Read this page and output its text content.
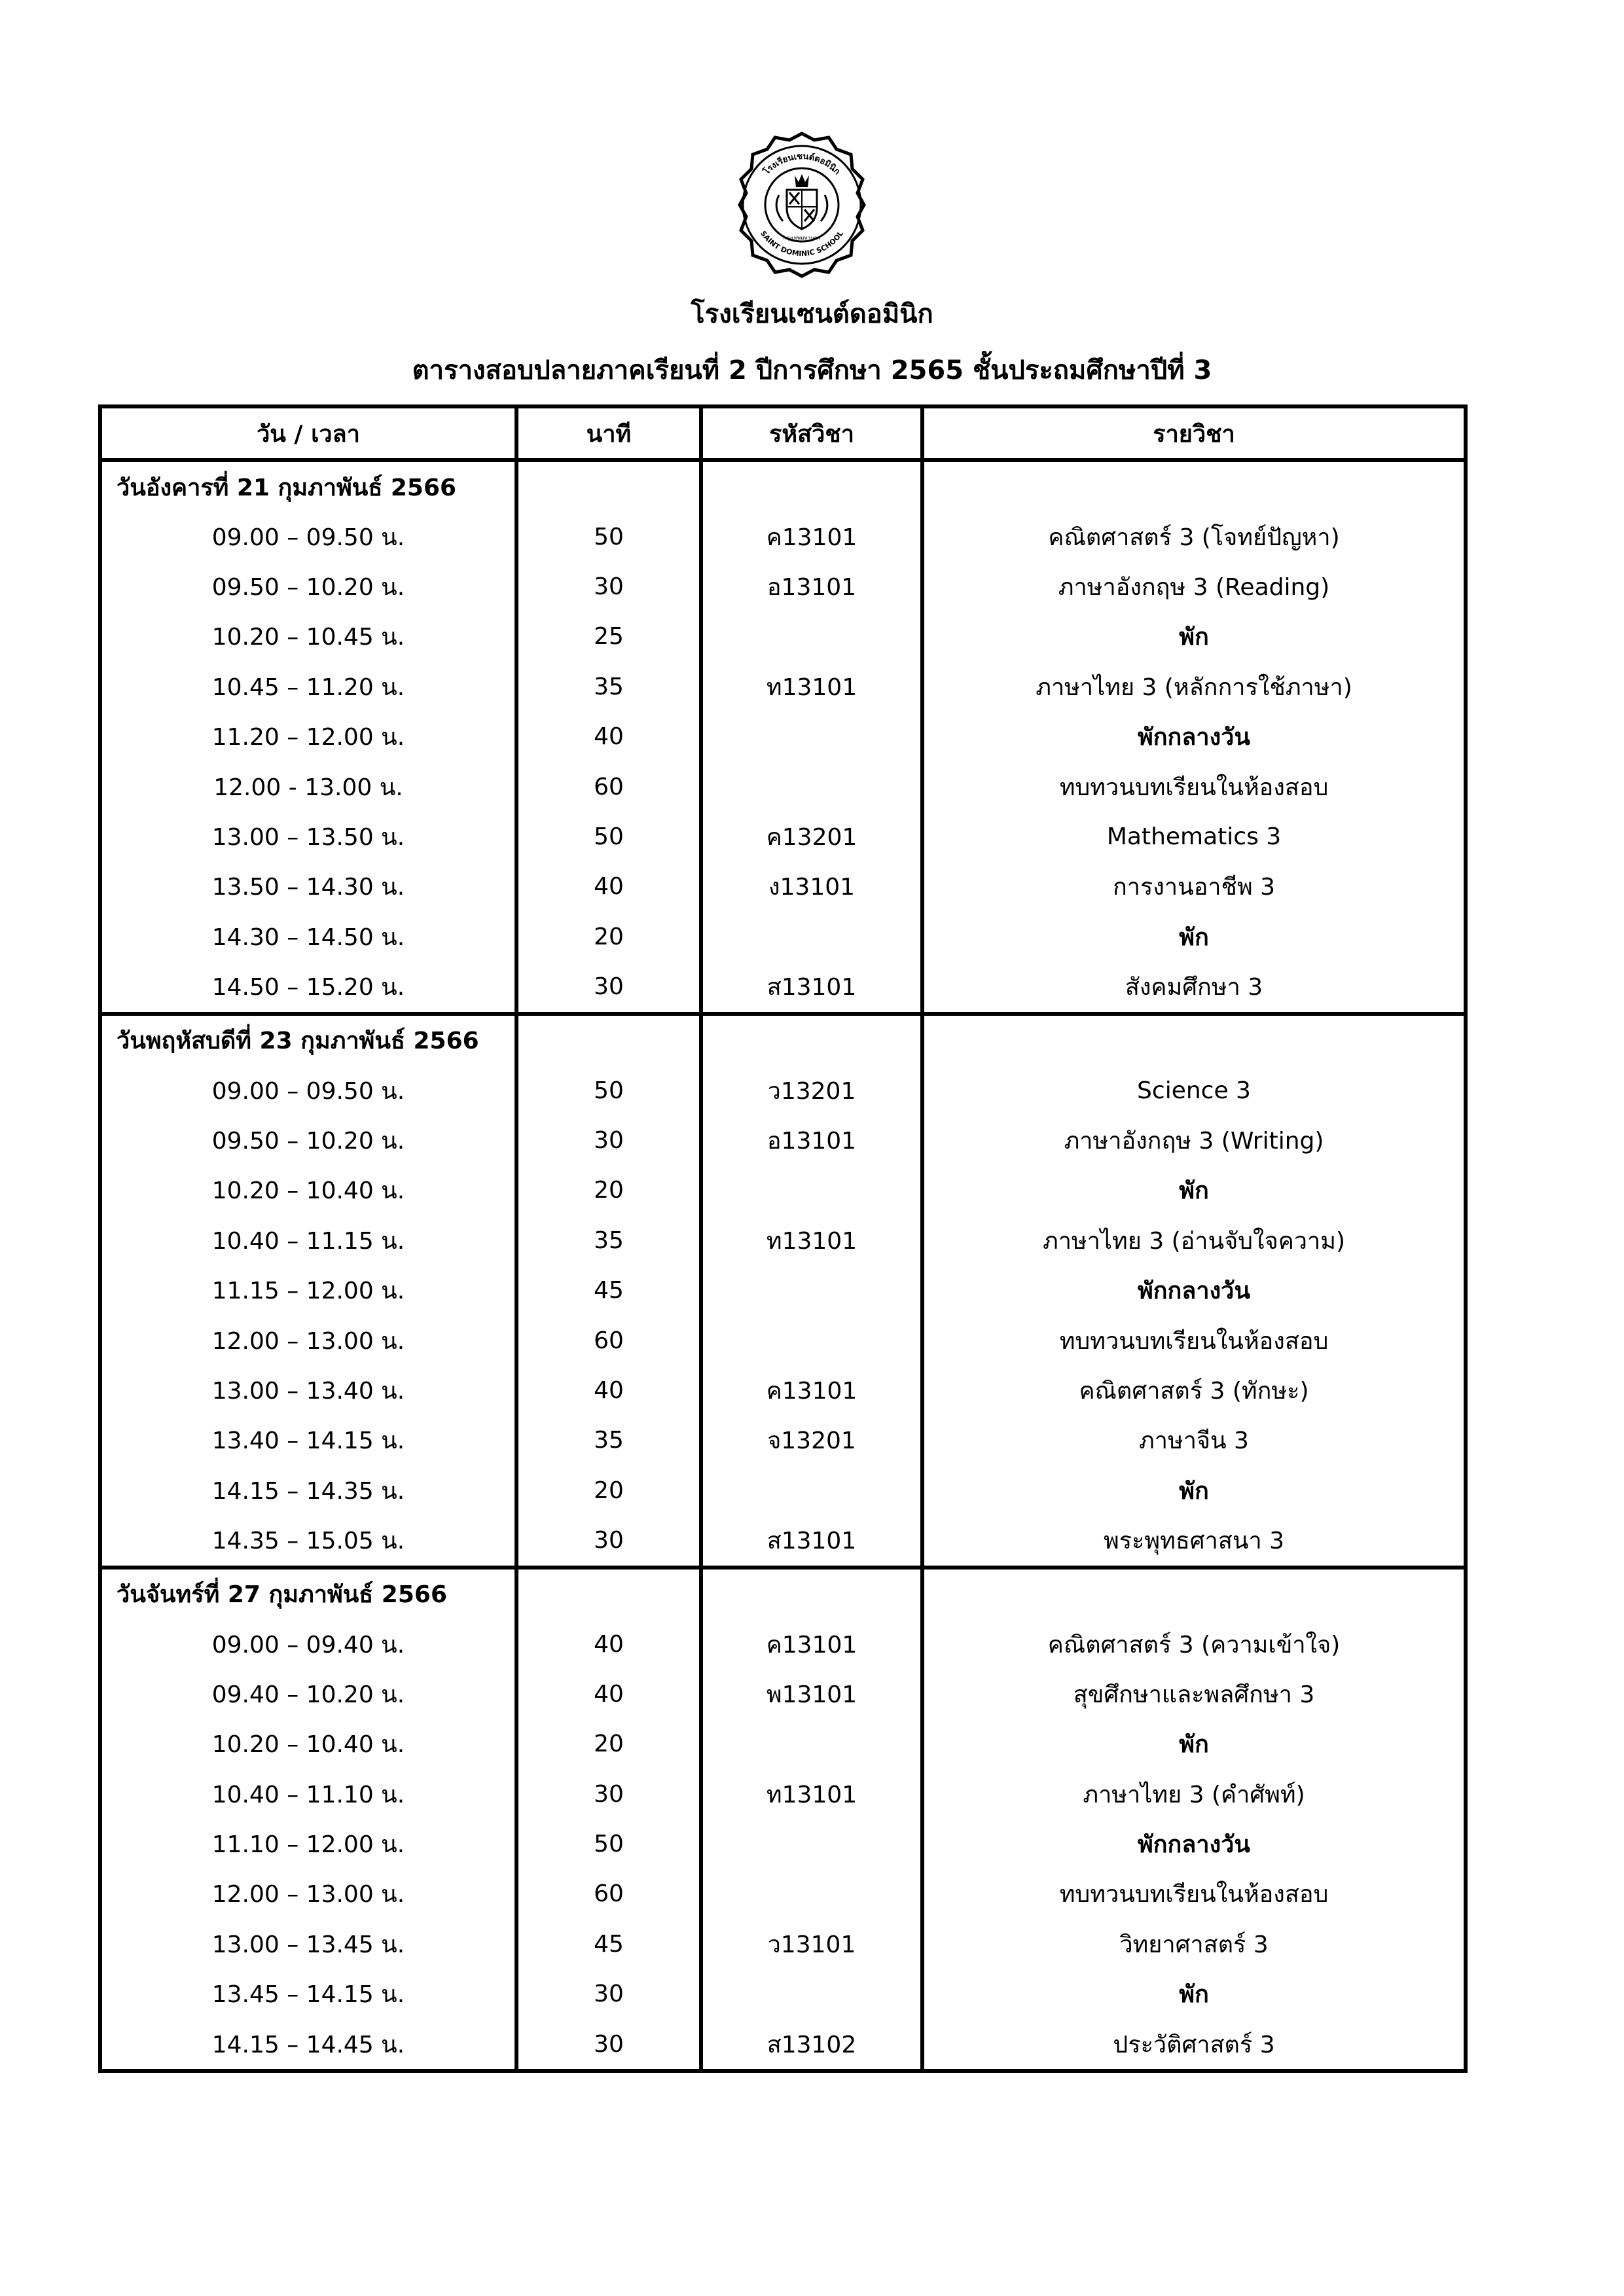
โรงเรียนเซนต์ดอมินิก
SAINT DOMINIC SCHOOL
กรุงเทพมหานคร
โรงเรียนเซนต์ดอมินิก
ตารางสอบปลายภาคเรียนที่ 2 ปีการศึกษา 2565 ชั้นประถมศึกษาปีที่ 3
วัน / เวลา	นาที	รหัสวิชา	รายวิชา
วันอังคารที่ 21 กุมภาพันธ์ 2566			
09.00 – 09.50 น.	50	ค13101	คณิตศาสตร์ 3 (โจทย์ปัญหา)
09.50 – 10.20 น.	30	อ13101	ภาษาอังกฤษ 3 (Reading)
10.20 – 10.45 น.	25		พัก
10.45 – 11.20 น.	35	ท13101	ภาษาไทย 3 (หลักการใช้ภาษา)
11.20 – 12.00 น.	40		พักกลางวัน
12.00 - 13.00 น.	60		ทบทวนบทเรียนในห้องสอบ
13.00 – 13.50 น.	50	ค13201	Mathematics 3
13.50 – 14.30 น.	40	ง13101	การงานอาชีพ 3
14.30 – 14.50 น.	20		พัก
14.50 – 15.20 น.	30	ส13101	สังคมศึกษา 3
วันพฤหัสบดีที่ 23 กุมภาพันธ์ 2566			
09.00 – 09.50 น.	50	ว13201	Science 3
09.50 – 10.20 น.	30	อ13101	ภาษาอังกฤษ 3 (Writing)
10.20 – 10.40 น.	20		พัก
10.40 – 11.15 น.	35	ท13101	ภาษาไทย 3 (อ่านจับใจความ)
11.15 – 12.00 น.	45		พักกลางวัน
12.00 – 13.00 น.	60		ทบทวนบทเรียนในห้องสอบ
13.00 – 13.40 น.	40	ค13101	คณิตศาสตร์ 3 (ทักษะ)
13.40 – 14.15 น.	35	จ13201	ภาษาจีน 3
14.15 – 14.35 น.	20		พัก
14.35 – 15.05 น.	30	ส13101	พระพุทธศาสนา 3
วันจันทร์ที่ 27 กุมภาพันธ์ 2566			
09.00 – 09.40 น.	40	ค13101	คณิตศาสตร์ 3 (ความเข้าใจ)
09.40 – 10.20 น.	40	พ13101	สุขศึกษาและพลศึกษา 3
10.20 – 10.40 น.	20		พัก
10.40 – 11.10 น.	30	ท13101	ภาษาไทย 3 (คำศัพท์)
11.10 – 12.00 น.	50		พักกลางวัน
12.00 – 13.00 น.	60		ทบทวนบทเรียนในห้องสอบ
13.00 – 13.45 น.	45	ว13101	วิทยาศาสตร์ 3
13.45 – 14.15 น.	30		พัก
14.15 – 14.45 น.	30	ส13102	ประวัติศาสตร์ 3
